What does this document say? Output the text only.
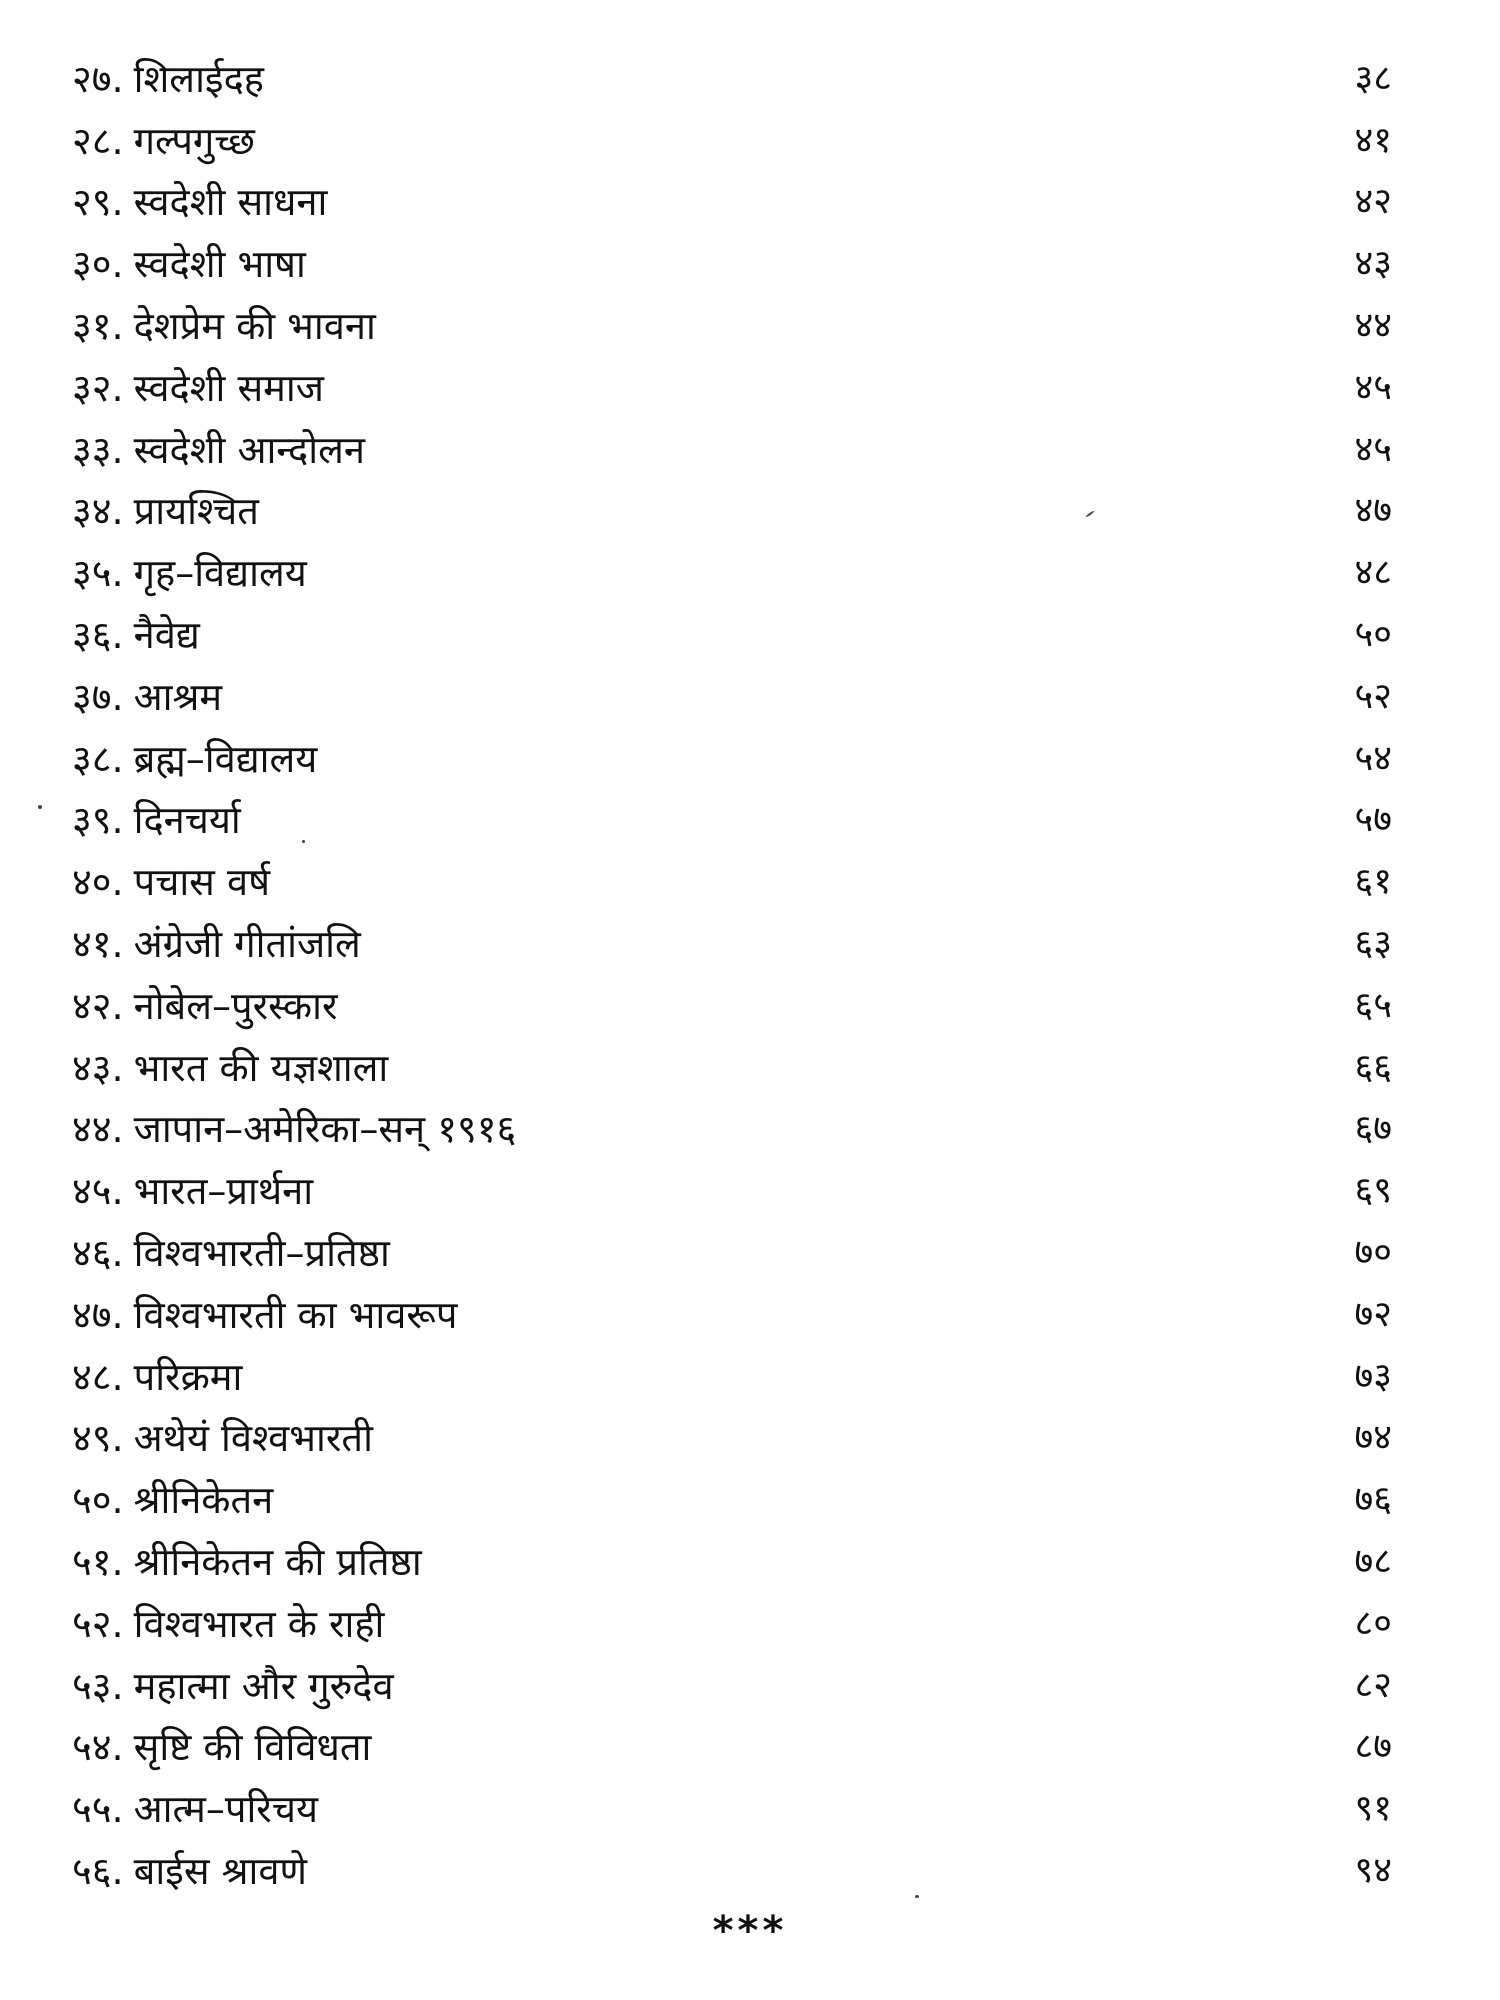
२७ . शिलाईदह	३८
२८ . गल्पगुच्छ	४१
२९ . स्वदेशी साधना	४२
३० . स्वदेशी भाषा	४३
३१ . देशप्रेम की भावना	४४
३२ . स्वदेशी समाज	४५
३३ . स्वदेशी आन्दोलन	४५
३४ . प्रायश्चित	४७
३५ . गृह–विद्यालय	४८
३६ . नैवेद्य	५०
३७ . आश्रम	५२
३८ . ब्रह्म–विद्यालय	५४
३९ . दिनचर्या	५७
४० . पचास वर्ष	६१
४१ . अंग्रेजी गीतांजलि	६३
४२ . नोबेल–पुरस्कार	६५
४३ . भारत की यज्ञशाला	६६
४४ . जापान–अमेरिका–सन् १९१६	६७
४५ . भारत–प्रार्थना	६९
४६ . विश्वभारती–प्रतिष्ठा	७०
४७ . विश्वभारती का भावरूप	७२
४८ . परिक्रमा	७३
४९ . अथेयं विश्वभारती	७४
५० . श्रीनिकेतन	७६
५१ . श्रीनिकेतन की प्रतिष्ठा	७८
५२ . विश्वभारत के राही	८०
५३ . महात्मा और गुरुदेव	८२
५४ . सृष्टि की विविधता	८७
५५ . आत्म–परिचय	९१
५६ . बाईस श्रावणे	९४
***
